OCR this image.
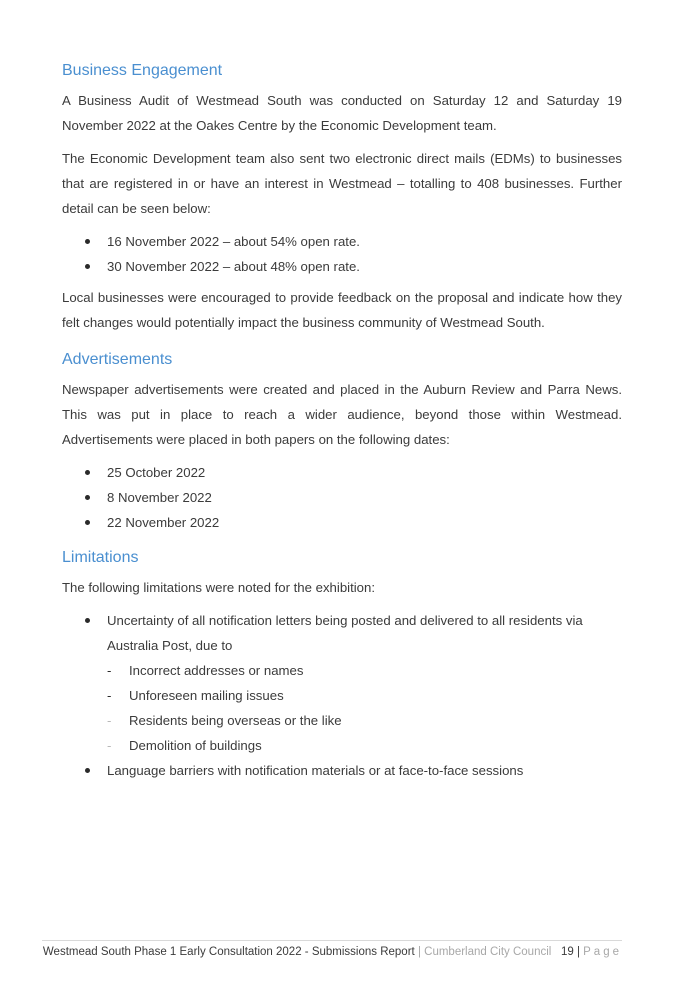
Business Engagement

A Business Audit of Westmead South was conducted on Saturday 12 and Saturday 19 November 2022 at the Oakes Centre by the Economic Development team.

The Economic Development team also sent two electronic direct mails (EDMs) to businesses that are registered in or have an interest in Westmead – totalling to 408 businesses. Further detail can be seen below:

16 November 2022 – about 54% open rate.
30 November 2022 – about 48% open rate.

Local businesses were encouraged to provide feedback on the proposal and indicate how they felt changes would potentially impact the business community of Westmead South.

Advertisements

Newspaper advertisements were created and placed in the Auburn Review and Parra News. This was put in place to reach a wider audience, beyond those within Westmead. Advertisements were placed in both papers on the following dates:

25 October 2022
8 November 2022
22 November 2022
Limitations

The following limitations were noted for the exhibition:

Uncertainty of all notification letters being posted and delivered to all residents via Australia Post, due to
- Incorrect addresses or names
- Unforeseen mailing issues
- Residents being overseas or the like
- Demolition of buildings
Language barriers with notification materials or at face-to-face sessions
Westmead South Phase 1 Early Consultation 2022 - Submissions Report | Cumberland City Council 19 | Page
